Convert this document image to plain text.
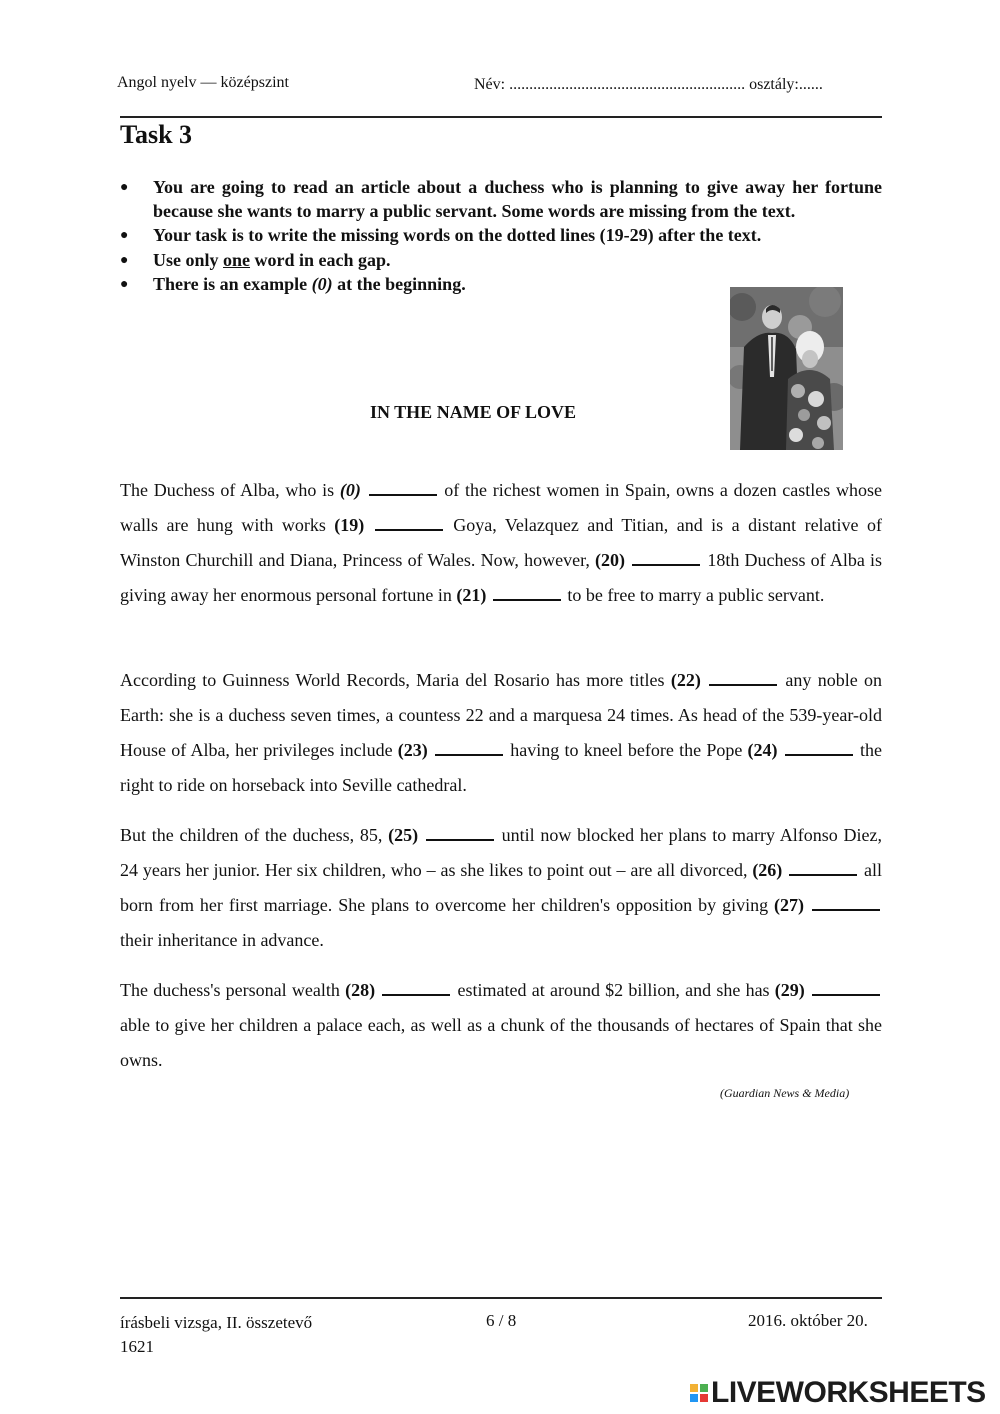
Angol nyelv — középszint	Név: ........................................................... osztály:......
Task 3
● You are going to read an article about a duchess who is planning to give away her fortune because she wants to marry a public servant. Some words are missing from the text.
● Your task is to write the missing words on the dotted lines (19-29) after the text.
● Use only one word in each gap.
● There is an example (0) at the beginning.
IN THE NAME OF LOVE

The Duchess of Alba, who is (0)	of the richest women in Spain, owns a dozen castles whose walls are hung with works (19)	Goya, Velazquez and Titian, and is a distant relative of Winston Churchill and Diana, Princess of Wales. Now, however, (20)	18th Duchess of Alba is giving away her enormous personal fortune in (21)	to be free to marry a public servant.

According to Guinness World Records, Maria del Rosario has more titles (22)	any noble on Earth: she is a duchess seven times, a countess 22 and a marquesa 24 times. As head of the 539-year-old House of Alba, her privileges include (23)	having to kneel before the Pope (24)	the right to ride on horseback into Seville cathedral.

But the children of the duchess, 85, (25)	until now blocked her plans to marry Alfonso Diez, 24 years her junior. Her six children, who – as she likes to point out – are all divorced, (26)	all born from her first marriage. She plans to overcome her children's opposition by giving (27)  their inheritance in advance.

The duchess's personal wealth (28)	estimated at around $2 billion, and she has (29)  able to give her children a palace each, as well as a chunk of the thousands of hectares of Spain that she owns.

(Guardian News & Media)
írásbeli vizsga, II. összetevő
1621
6 / 8	2016. október 20.
LIVEWORKSHEETS
